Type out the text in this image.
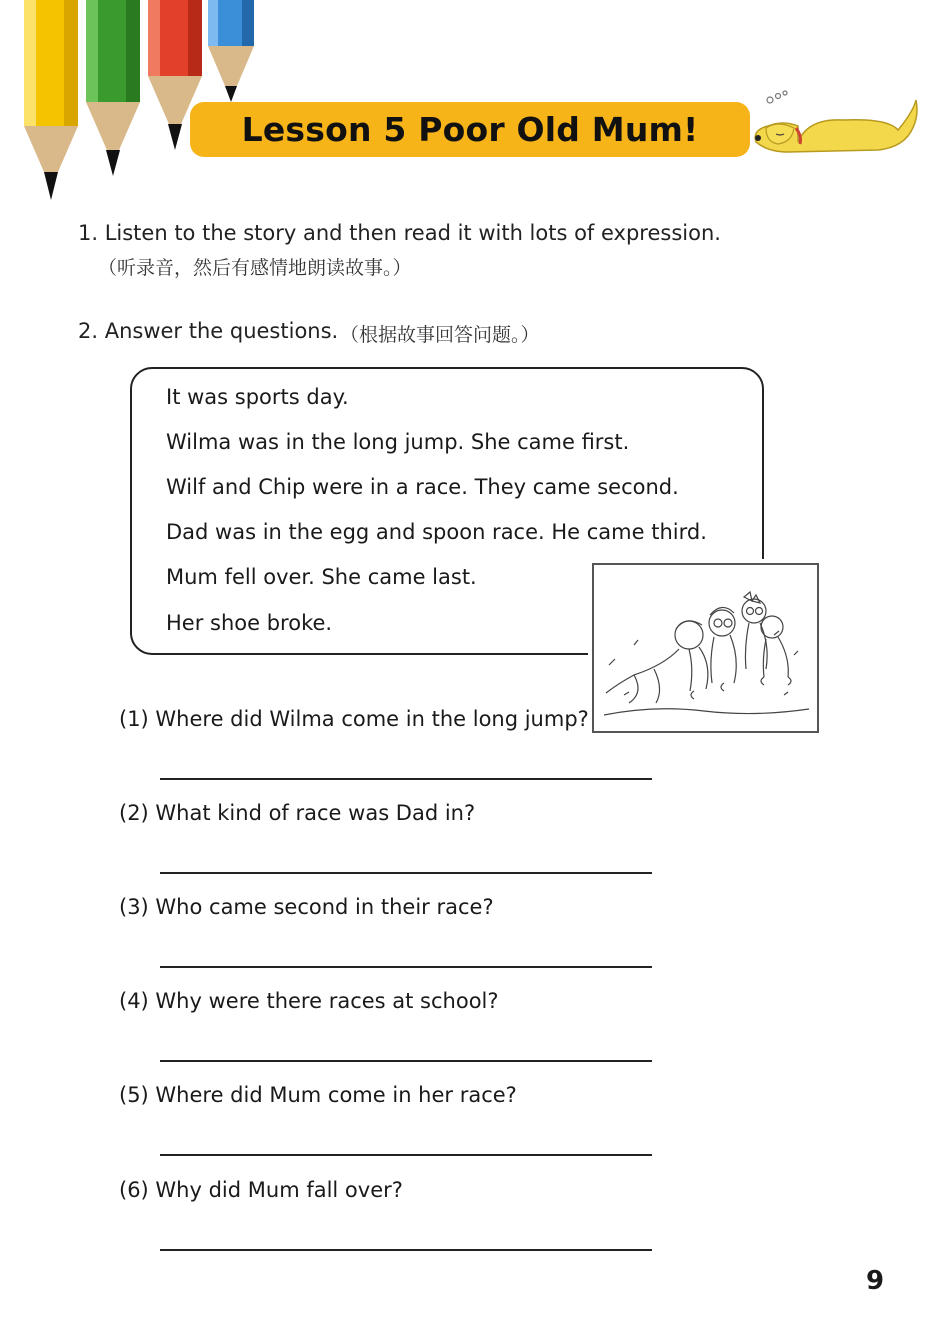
Lesson 5 Poor Old Mum!
1. Listen to the story and then read it with lots of expression.
（听录音，然后有感情地朗读故事。）
2. Answer the questions. （根据故事回答问题。）
It was sports day.
Wilma was in the long jump. She came first.
Wilf and Chip were in a race. They came second.
Dad was in the egg and spoon race. He came third.
Mum fell over. She came last.
Her shoe broke.
(1) Where did Wilma come in the long jump?
(2) What kind of race was Dad in?
(3) Who came second in their race?
(4) Why were there races at school?
(5) Where did Mum come in her race?
(6) Why did Mum fall over?
9
